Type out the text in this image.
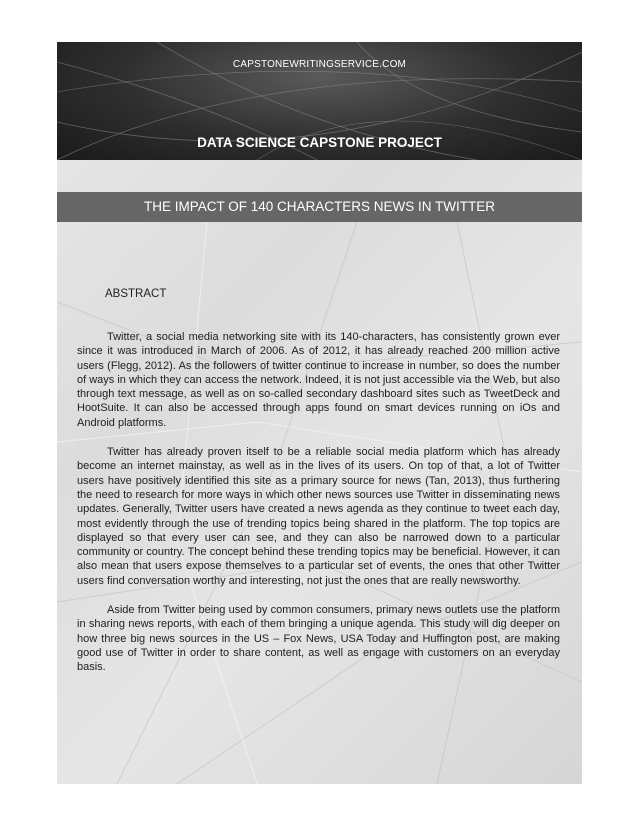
CAPSTONEWRITINGSERVICE.COM
DATA SCIENCE CAPSTONE PROJECT
THE IMPACT OF 140 CHARACTERS NEWS IN TWITTER
ABSTRACT

Twitter, a social media networking site with its 140-characters, has consistently grown ever since it was introduced in March of 2006. As of 2012, it has already reached 200 million active users (Flegg, 2012). As the followers of twitter continue to increase in number, so does the number of ways in which they can access the network. Indeed, it is not just accessible via the Web, but also through text message, as well as on so-called secondary dashboard sites such as TweetDeck and HootSuite. It can also be accessed through apps found on smart devices running on iOs and Android platforms.

Twitter has already proven itself to be a reliable social media platform which has already become an internet mainstay, as well as in the lives of its users. On top of that, a lot of Twitter users have positively identified this site as a primary source for news (Tan, 2013), thus furthering the need to research for more ways in which other news sources use Twitter in disseminating news updates. Generally, Twitter users have created a news agenda as they continue to tweet each day, most evidently through the use of trending topics being shared in the platform. The top topics are displayed so that every user can see, and they can also be narrowed down to a particular community or country. The concept behind these trending topics may be beneficial. However, it can also mean that users expose themselves to a particular set of events, the ones that other Twitter users find conversation worthy and interesting, not just the ones that are really newsworthy.

Aside from Twitter being used by common consumers, primary news outlets use the platform in sharing news reports, with each of them bringing a unique agenda. This study will dig deeper on how three big news sources in the US – Fox News, USA Today and Huffington post, are making good use of Twitter in order to share content, as well as engage with customers on an everyday basis.
